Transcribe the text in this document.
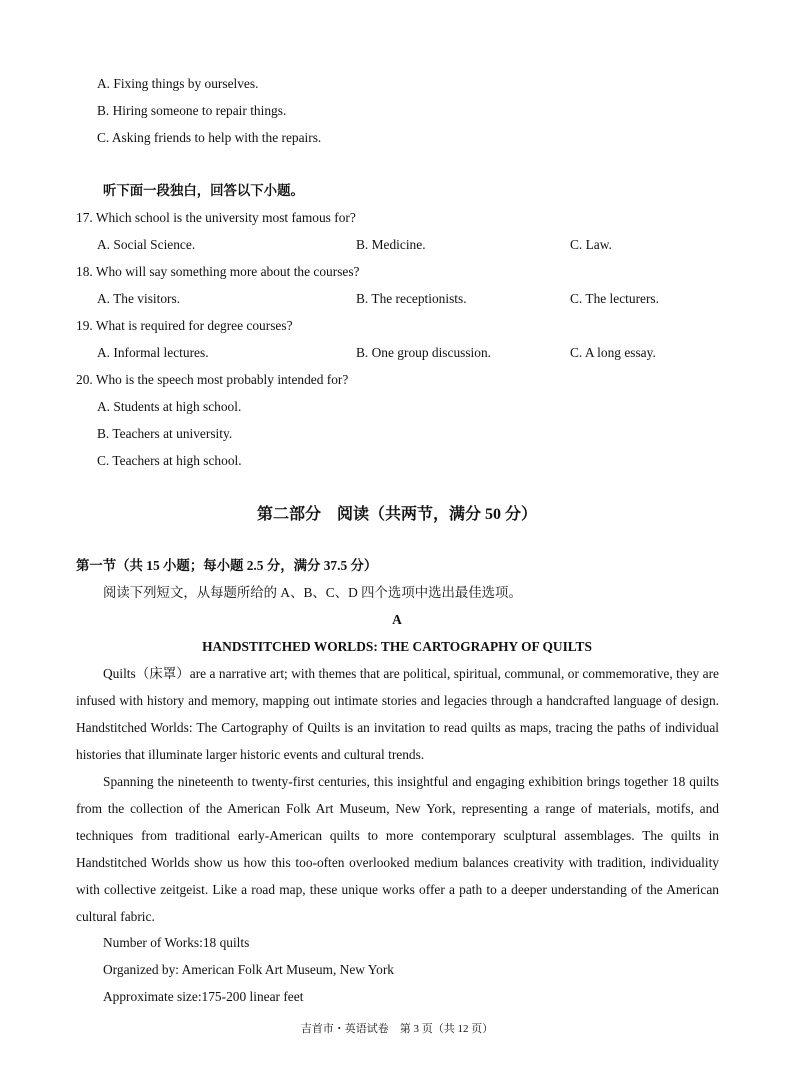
A. Fixing things by ourselves.
B. Hiring someone to repair things.
C. Asking friends to help with the repairs.
听下面一段独白，回答以下小题。
17. Which school is the university most famous for?
A. Social Science.	B. Medicine.	C. Law.
18. Who will say something more about the courses?
A. The visitors.	B. The receptionists.	C. The lecturers.
19. What is required for degree courses?
A. Informal lectures.	B. One group discussion.	C. A long essay.
20. Who is the speech most probably intended for?
A. Students at high school.
B. Teachers at university.
C. Teachers at high school.
第二部分　阅读（共两节，满分 50 分）
第一节（共 15 小题；每小题 2.5 分，满分 37.5 分）
阅读下列短文，从每题所给的 A、B、C、D 四个选项中选出最佳选项。
A
HANDSTITCHED WORLDS: THE CARTOGRAPHY OF QUILTS
Quilts（床罩）are a narrative art; with themes that are political, spiritual, communal, or commemorative, they are infused with history and memory, mapping out intimate stories and legacies through a handcrafted language of design. Handstitched Worlds: The Cartography of Quilts is an invitation to read quilts as maps, tracing the paths of individual histories that illuminate larger historic events and cultural trends.
Spanning the nineteenth to twenty-first centuries, this insightful and engaging exhibition brings together 18 quilts from the collection of the American Folk Art Museum, New York, representing a range of materials, motifs, and techniques from traditional early-American quilts to more contemporary sculptural assemblages. The quilts in Handstitched Worlds show us how this too-often overlooked medium balances creativity with tradition, individuality with collective zeitgeist. Like a road map, these unique works offer a path to a deeper understanding of the American cultural fabric.
Number of Works:18 quilts
Organized by: American Folk Art Museum, New York
Approximate size:175-200 linear feet
吉首市・英语试卷　第 3 页（共 12 页）
